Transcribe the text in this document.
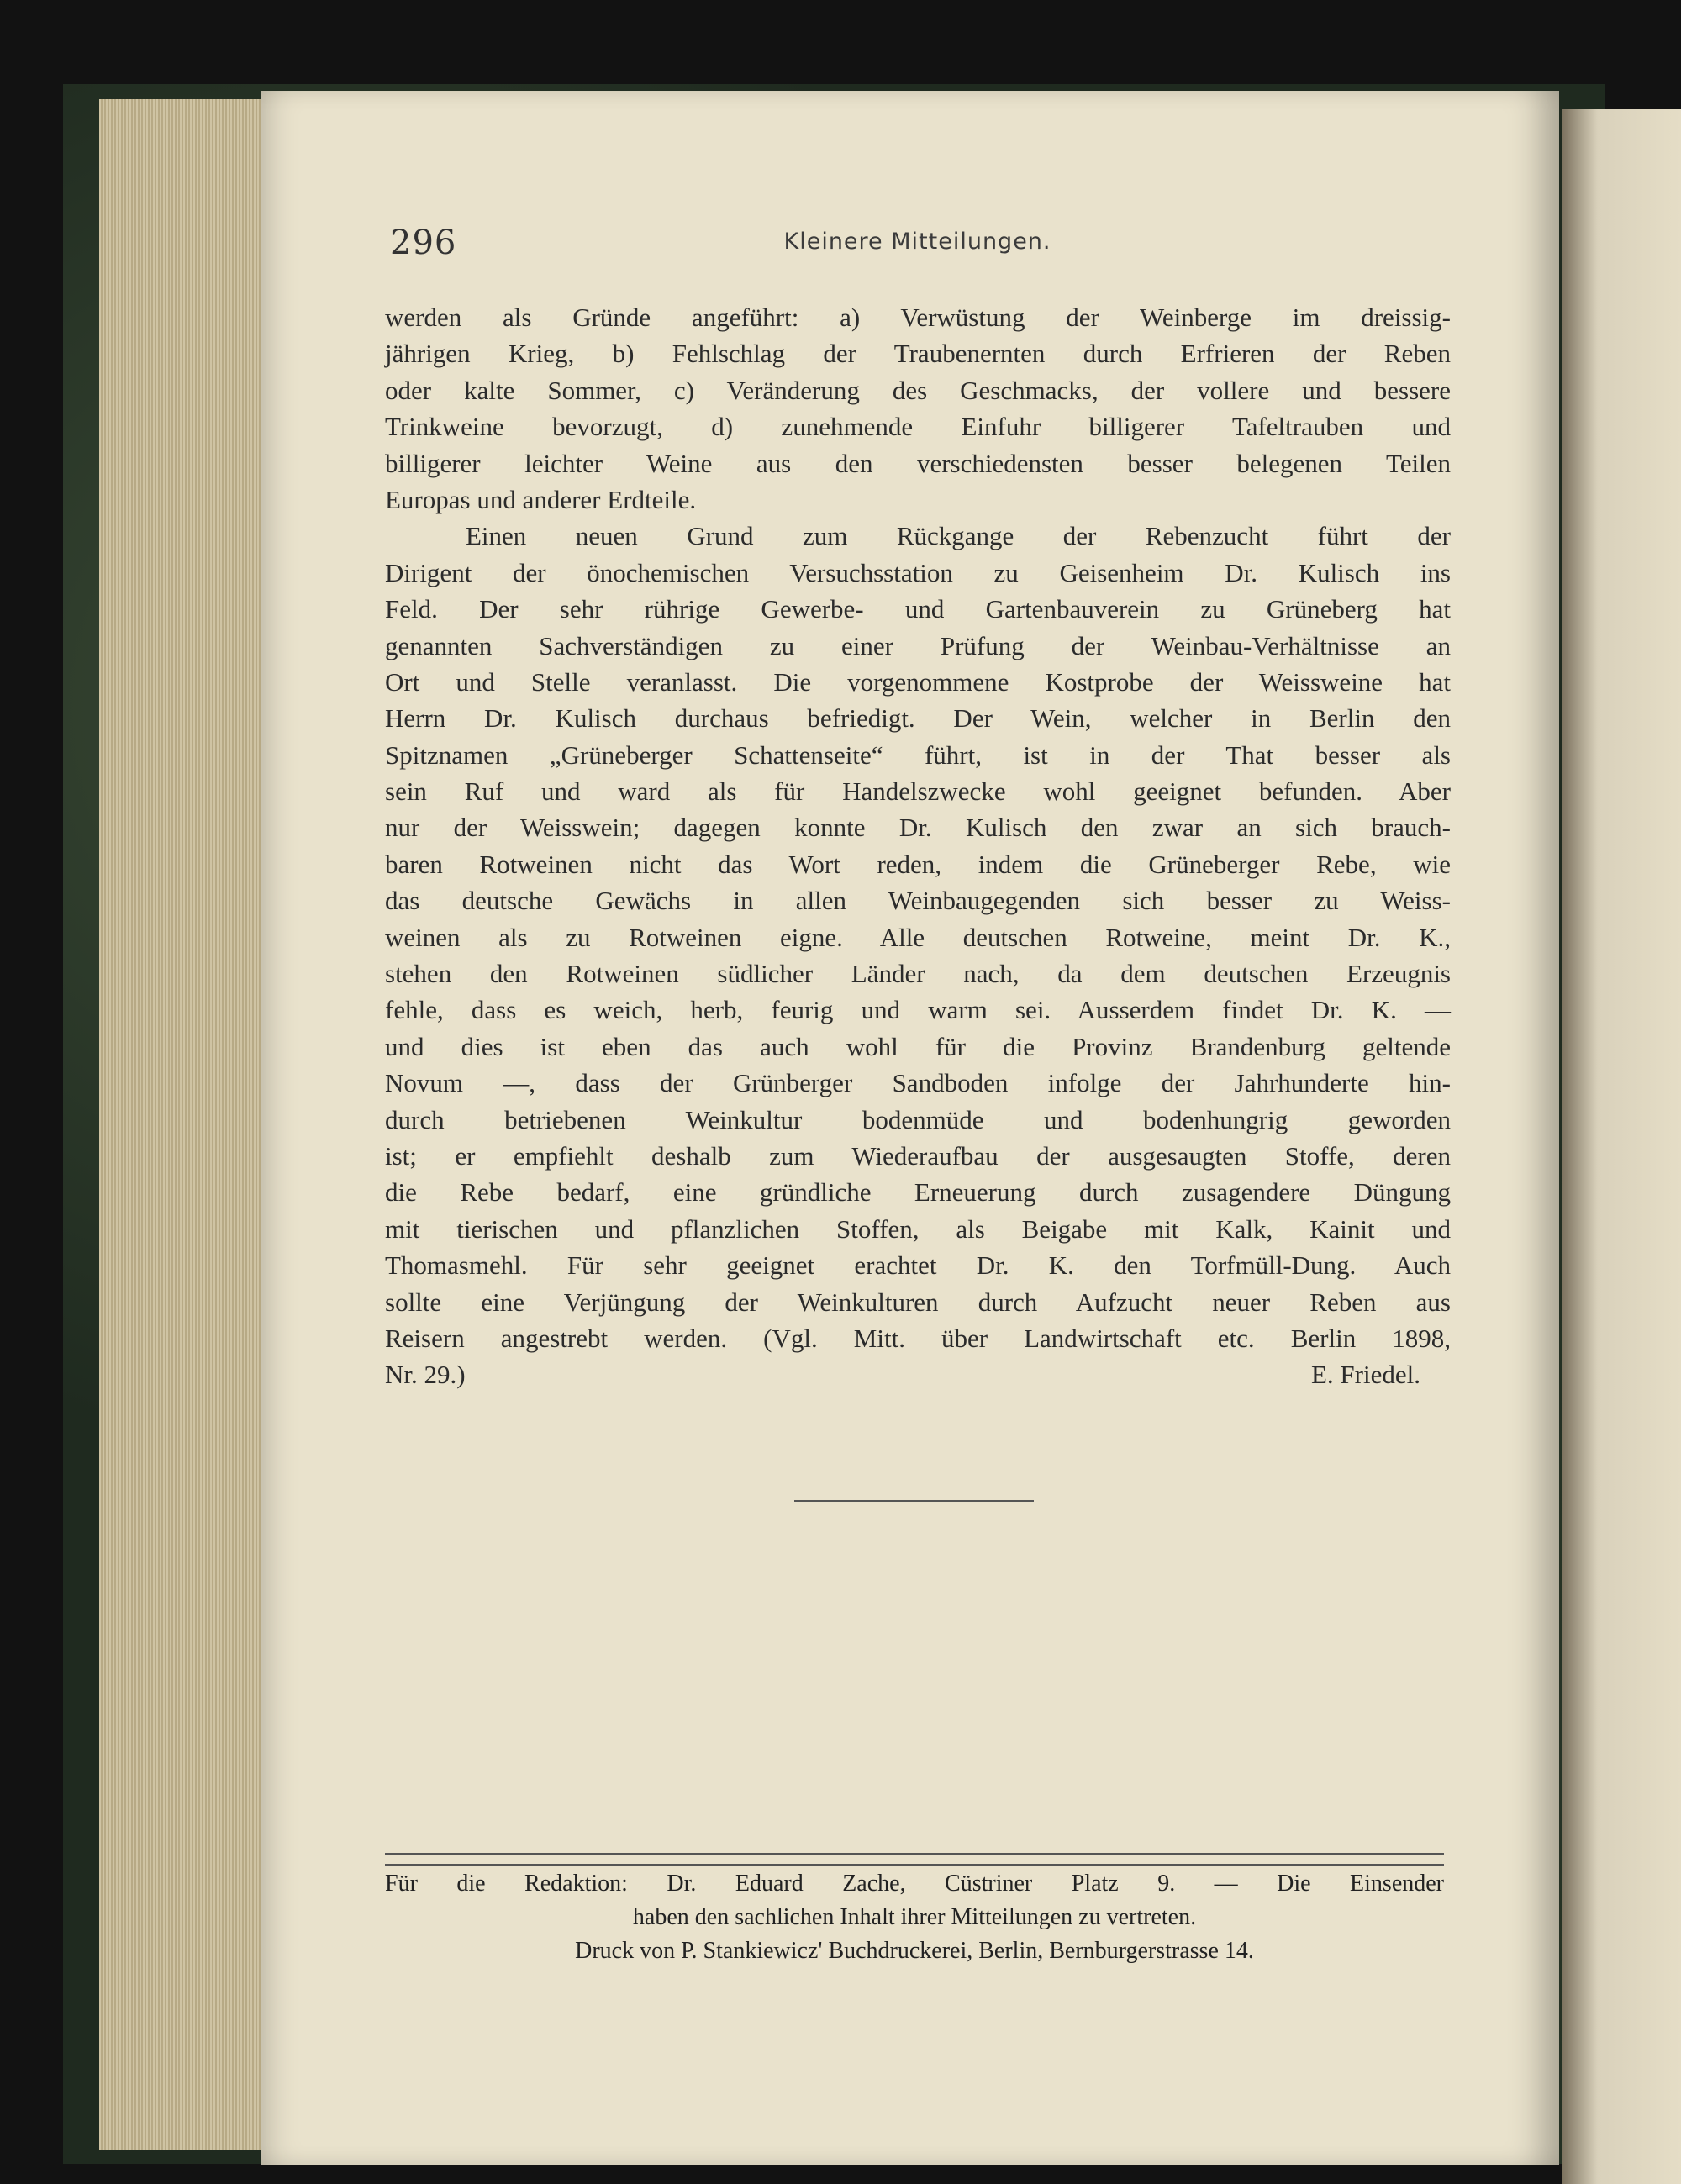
296	Kleinere Mitteilungen.
werden als Gründe angeführt: a) Verwüstung der Weinberge im dreissig-
jährigen Krieg, b) Fehlschlag der Traubenernten durch Erfrieren der Reben
oder kalte Sommer, c) Veränderung des Geschmacks, der vollere und bessere
Trinkweine bevorzugt, d) zunehmende Einfuhr billigerer Tafeltrauben und
billigerer leichter Weine aus den verschiedensten besser belegenen Teilen
Europas und anderer Erdteile.
Einen neuen Grund zum Rückgange der Rebenzucht führt der
Dirigent der önochemischen Versuchsstation zu Geisenheim Dr. Kulisch ins
Feld. Der sehr rührige Gewerbe- und Gartenbauverein zu Grüneberg hat
genannten Sachverständigen zu einer Prüfung der Weinbau-Verhältnisse an
Ort und Stelle veranlasst. Die vorgenommene Kostprobe der Weissweine hat
Herrn Dr. Kulisch durchaus befriedigt. Der Wein, welcher in Berlin den
Spitznamen „Grüneberger Schattenseite“ führt, ist in der That besser als
sein Ruf und ward als für Handelszwecke wohl geeignet befunden. Aber
nur der Weisswein; dagegen konnte Dr. Kulisch den zwar an sich brauch-
baren Rotweinen nicht das Wort reden, indem die Grüneberger Rebe, wie
das deutsche Gewächs in allen Weinbaugegenden sich besser zu Weiss-
weinen als zu Rotweinen eigne. Alle deutschen Rotweine, meint Dr. K.,
stehen den Rotweinen südlicher Länder nach, da dem deutschen Erzeugnis
fehle, dass es weich, herb, feurig und warm sei. Ausserdem findet Dr. K. —
und dies ist eben das auch wohl für die Provinz Brandenburg geltende
Novum —, dass der Grünberger Sandboden infolge der Jahrhunderte hin-
durch betriebenen Weinkultur bodenmüde und bodenhungrig geworden
ist; er empfiehlt deshalb zum Wiederaufbau der ausgesaugten Stoffe, deren
die Rebe bedarf, eine gründliche Erneuerung durch zusagendere Düngung
mit tierischen und pflanzlichen Stoffen, als Beigabe mit Kalk, Kainit und
Thomasmehl. Für sehr geeignet erachtet Dr. K. den Torfmüll-Dung. Auch
sollte eine Verjüngung der Weinkulturen durch Aufzucht neuer Reben aus
Reisern angestrebt werden. (Vgl. Mitt. über Landwirtschaft etc. Berlin 1898,
Nr. 29.)	E. Friedel.
Für die Redaktion: Dr. Eduard Zache, Cüstriner Platz 9. — Die Einsender
haben den sachlichen Inhalt ihrer Mitteilungen zu vertreten.
Druck von P. Stankiewicz' Buchdruckerei, Berlin, Bernburgerstrasse 14.
